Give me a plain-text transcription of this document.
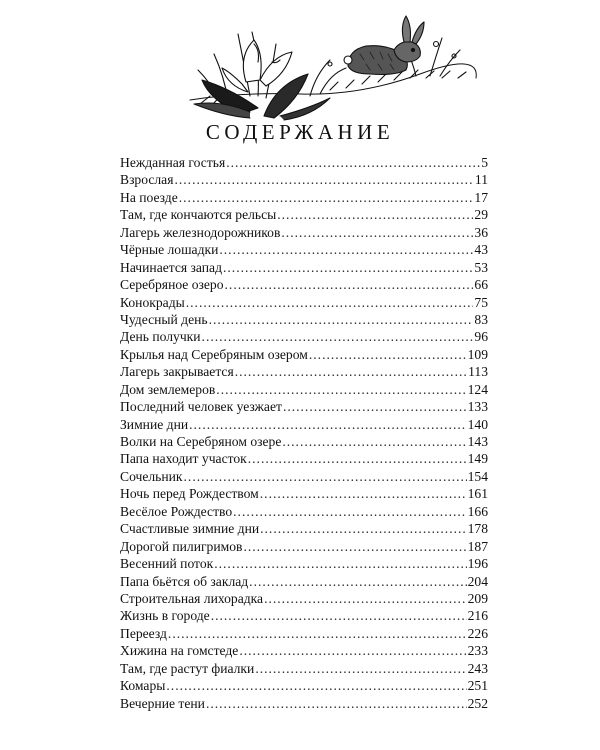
СОДЕРЖАНИЕ
Нежданная гостья . . .	5
Взрослая . . .	11
На поезде . . .	17
Там, где кончаются рельсы . . .	29
Лагерь железнодорожников . . .	36
Чёрные лошадки . . .	43
Начинается запад . . .	53
Серебряное озеро . . .	66
Конокрады . . .	75
Чудесный день . . .	83
День получки . . .	96
Крылья над Серебряным озером . . .	109
Лагерь закрывается . . .	113
Дом землемеров . . .	124
Последний человек уезжает . . .	133
Зимние дни . . .	140
Волки на Серебряном озере . . .	143
Папа находит участок . . .	149
Сочельник . . .	154
Ночь перед Рождеством . . .	161
Весёлое Рождество . . .	166
Счастливые зимние дни . . .	178
Дорогой пилигримов . . .	187
Весенний поток . . .	196
Папа бьётся об заклад . . .	204
Строительная лихорадка . . .	209
Жизнь в городе . . .	216
Переезд . . .	226
Хижина на гомстеде . . .	233
Там, где растут фиалки . . .	243
Комары . . .	251
Вечерние тени . . .	252
